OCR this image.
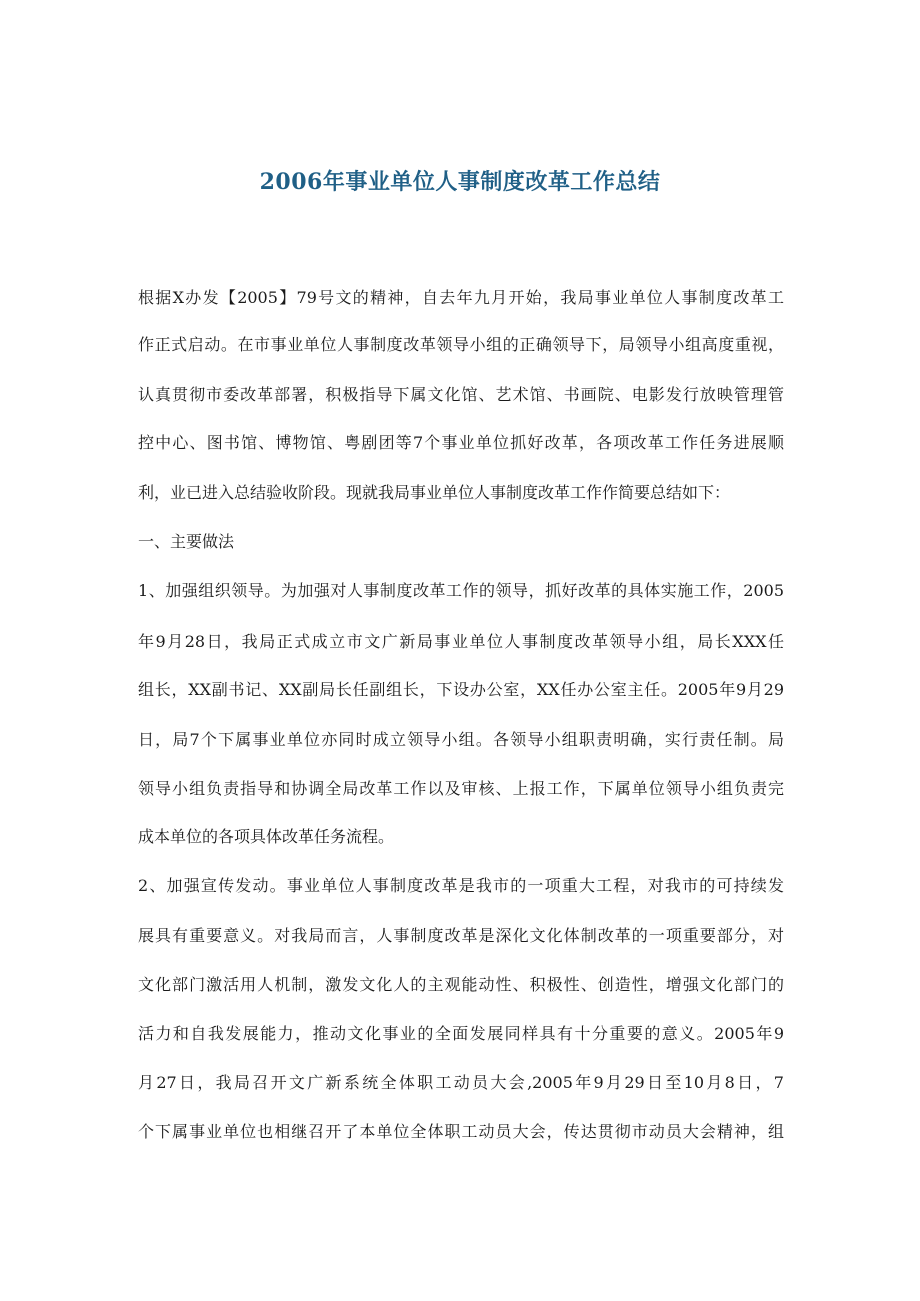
2006年事业单位人事制度改革工作总结
根据X办发【2005】79号文的精神，自去年九月开始，我局事业单位人事制度改革工
作正式启动。在市事业单位人事制度改革领导小组的正确领导下，局领导小组高度重视，
认真贯彻市委改革部署，积极指导下属文化馆、艺术馆、书画院、电影发行放映管理管
控中心、图书馆、博物馆、粤剧团等7个事业单位抓好改革，各项改革工作任务进展顺
利，业已进入总结验收阶段。现就我局事业单位人事制度改革工作作简要总结如下：
一、主要做法
1、加强组织领导。为加强对人事制度改革工作的领导，抓好改革的具体实施工作，2005
年9月28日，我局正式成立市文广新局事业单位人事制度改革领导小组，局长XXX任
组长，XX副书记、XX副局长任副组长，下设办公室，XX任办公室主任。2005年9月29
日，局7个下属事业单位亦同时成立领导小组。各领导小组职责明确，实行责任制。局
领导小组负责指导和协调全局改革工作以及审核、上报工作，下属单位领导小组负责完
成本单位的各项具体改革任务流程。
2、加强宣传发动。事业单位人事制度改革是我市的一项重大工程，对我市的可持续发
展具有重要意义。对我局而言，人事制度改革是深化文化体制改革的一项重要部分，对
文化部门激活用人机制，激发文化人的主观能动性、积极性、创造性，增强文化部门的
活力和自我发展能力，推动文化事业的全面发展同样具有十分重要的意义。2005年9
月27日，我局召开文广新系统全体职工动员大会,2005年9月29日至10月8日，7
个下属事业单位也相继召开了本单位全体职工动员大会，传达贯彻市动员大会精神，组
